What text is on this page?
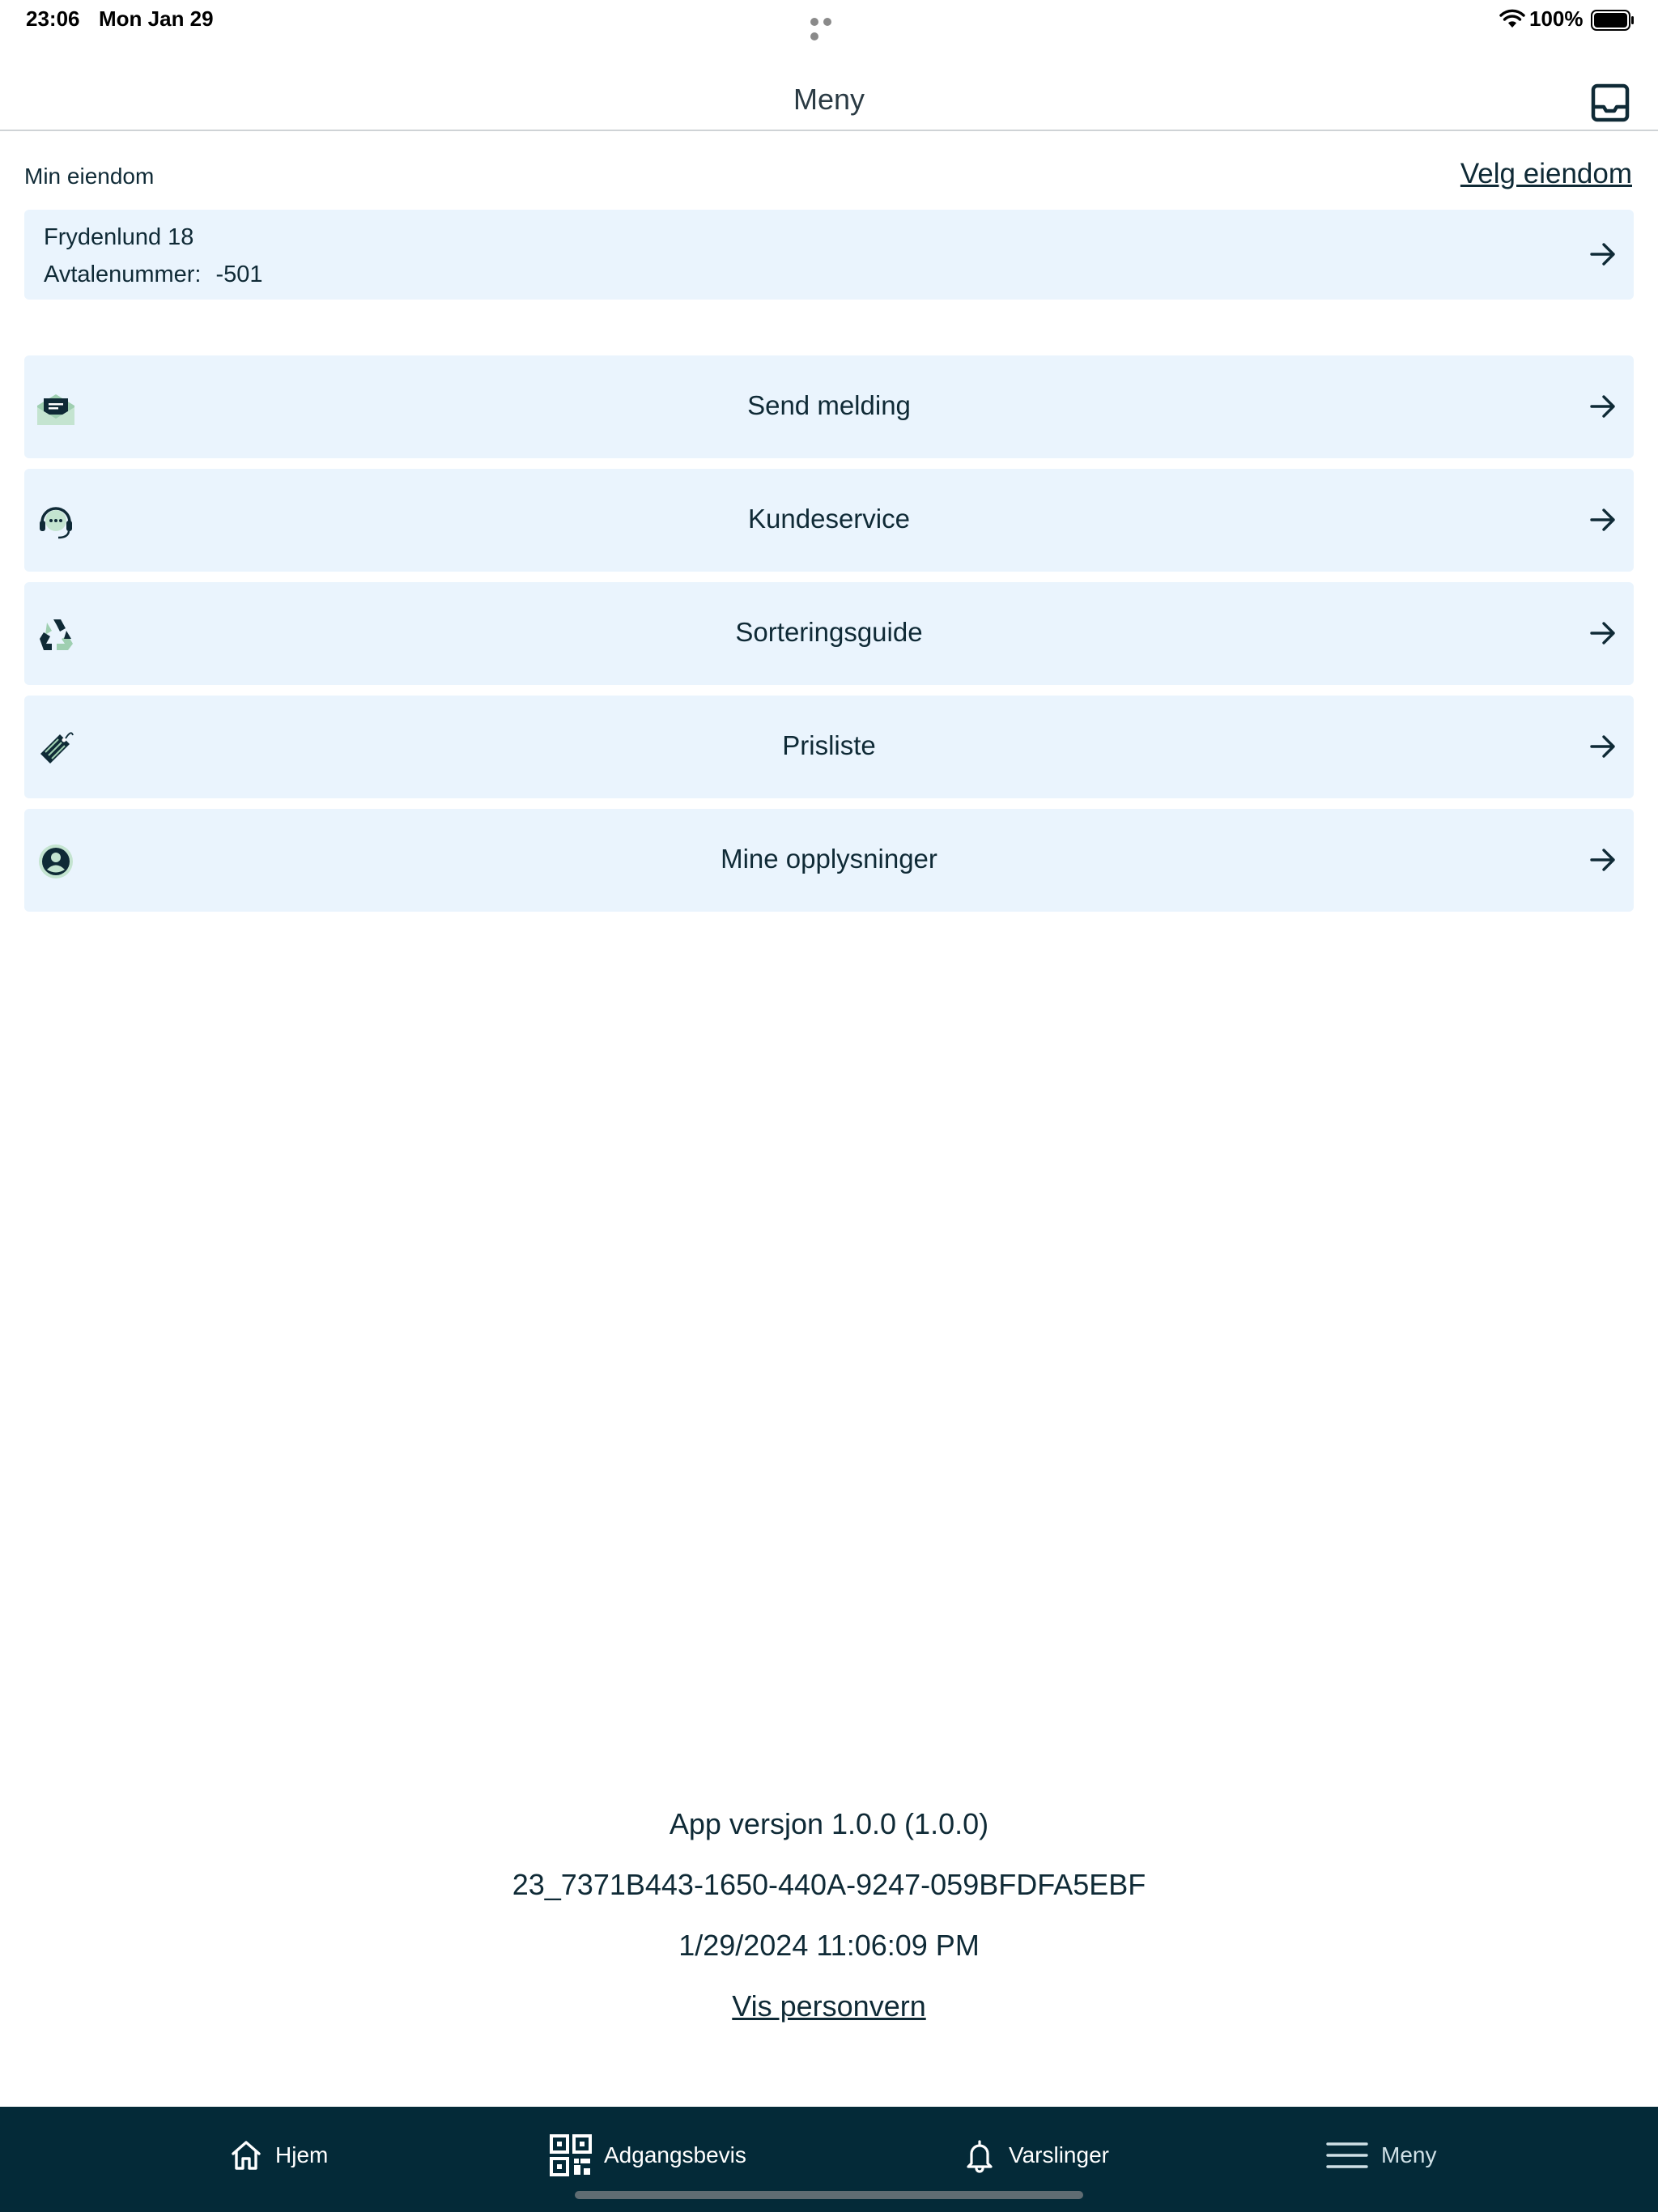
23:06 Mon Jan 29	100%
Meny
Min eiendom	Velg eiendom
Frydenlund 18
Avtalenummer: -501
Send melding
Kundeservice
Sorteringsguide
Prisliste
Mine opplysninger
App versjon 1.0.0 (1.0.0)
23_7371B443-1650-440A-9247-059BFDFA5EBF
1/29/2024 11:06:09 PM
Vis personvern
Hjem	Adgangsbevis	Varslinger	Meny
